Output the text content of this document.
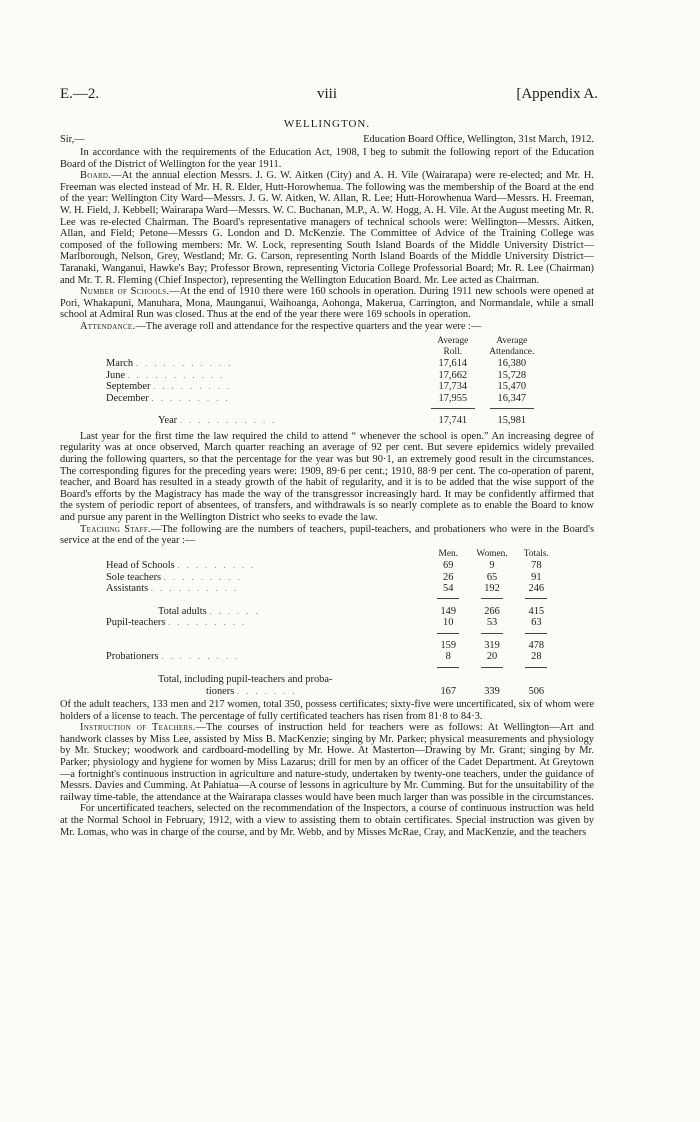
E.—2.	viii	[Appendix A.
WELLINGTON.
Sir,—	Education Board Office, Wellington, 31st March, 1912.

In accordance with the requirements of the Education Act, 1908, I beg to submit the following report of the Education Board of the District of Wellington for the year 1911.

Board.—At the annual election Messrs. J. G. W. Aitken (City) and A. H. Vile (Wairarapa) were re-elected; and Mr. H. Freeman was elected instead of Mr. H. R. Elder, Hutt-Horowhenua. The following was the membership of the Board at the end of the year: Wellington City Ward—Messrs. J. G. W. Aitken, W. Allan, R. Lee; Hutt-Horowhenua Ward—Messrs. H. Freeman, W. H. Field, J. Kebbell; Wairarapa Ward—Messrs. W. C. Buchanan, M.P., A. W. Hogg, A. H. Vile. At the August meeting Mr. R. Lee was re-elected Chairman. The Board's representative managers of technical schools were: Wellington—Messrs. Aitken, Allan, and Field; Petone—Messrs G. London and D. McKenzie. The Committee of Advice of the Training College was composed of the following members: Mr. W. Lock, representing South Island Boards of the Middle University District—Marlborough, Nelson, Grey, Westland; Mr. G. Carson, representing North Island Boards of the Middle University District—Taranaki, Wanganui, Hawke's Bay; Professor Brown, representing Victoria College Professorial Board; Mr. R. Lee (Chairman) and Mr. T. R. Fleming (Chief Inspector), representing the Wellington Education Board. Mr. Lee acted as Chairman.

Number of Schools.—At the end of 1910 there were 160 schools in operation. During 1911 new schools were opened at Pori, Whakapuni, Manuhara, Mona, Maunganui, Waihoanga, Aohonga, Makerua, Carrington, and Normandale, while a small school at Admiral Run was closed. Thus at the end of the year there were 169 schools in operation.

Attendance.—The average roll and attendance for the respective quarters and the year were :—

	Average Roll.	Average Attendance.
March ...........	17,614	16,380
June ...........	17,662	15,728
September .........	17,734	15,470
December .........	17,955	16,347

Year ...........	17,741	15,981

Last year for the first time the law required the child to attend “ whenever the school is open.” An increasing degree of regularity was at once observed, March quarter reaching an average of 92 per cent. But severe epidemics widely prevailed during the following quarters, so that the percentage for the year was but 90·1, an extremely good result in the circumstances. The corresponding figures for the preceding years were: 1909, 89·6 per cent.; 1910, 88·9 per cent. The co-operation of parent, teacher, and Board has resulted in a steady growth of the habit of regularity, and it is to be added that the wise support of the Board's efforts by the Magistracy has made the way of the transgressor increasingly hard. It may be confidently affirmed that the system of periodic report of absentees, of transfers, and withdrawals is so nearly complete as to enable the Board to know and pursue any parent in the Wellington District who seeks to evade the law.

Teaching Staff.—The following are the numbers of teachers, pupil-teachers, and probationers who were in the Board's service at the end of the year :—

	Men.	Women.	Totals.
Head of Schools .........	69	9	78
Sole teachers .........	26	65	91
Assistants ..........	54	192	246

Total adults ......	149	266	415
Pupil-teachers .........	10	53	63

	159	319	478
Probationers .........	8	20	28

Total, including pupil-teachers and proba-			
tioners .......	167	339	506

Of the adult teachers, 133 men and 217 women, total 350, possess certificates; sixty-five were uncertificated, six of whom were holders of a license to teach. The percentage of fully certificated teachers has risen from 81·8 to 84·3.

Instruction of Teachers.—The courses of instruction held for teachers were as follows: At Wellington—Art and handwork classes by Miss Lee, assisted by Miss B. MacKenzie; singing by Mr. Parker; physical measurements and physiology by Mr. Stuckey; woodwork and cardboard-modelling by Mr. Howe. At Masterton—Drawing by Mr. Grant; singing by Mr. Parker; physiology and hygiene for women by Miss Lazarus; drill for men by an officer of the Cadet Department. At Greytown—a fortnight's continuous instruction in agriculture and nature-study, undertaken by twenty-one teachers, under the guidance of Messrs. Davies and Cumming. At Pahiatua—A course of lessons in agriculture by Mr. Cumming. But for the unsuitability of the railway time-table, the attendance at the Wairarapa classes would have been much larger than was possible in the circumstances.

For uncertificated teachers, selected on the recommendation of the Inspectors, a course of continuous instruction was held at the Normal School in February, 1912, with a view to assisting them to obtain certificates. Special instruction was given by Mr. Lomas, who was in charge of the course, and by Mr. Webb, and by Misses McRae, Cray, and MacKenzie, and the teachers
